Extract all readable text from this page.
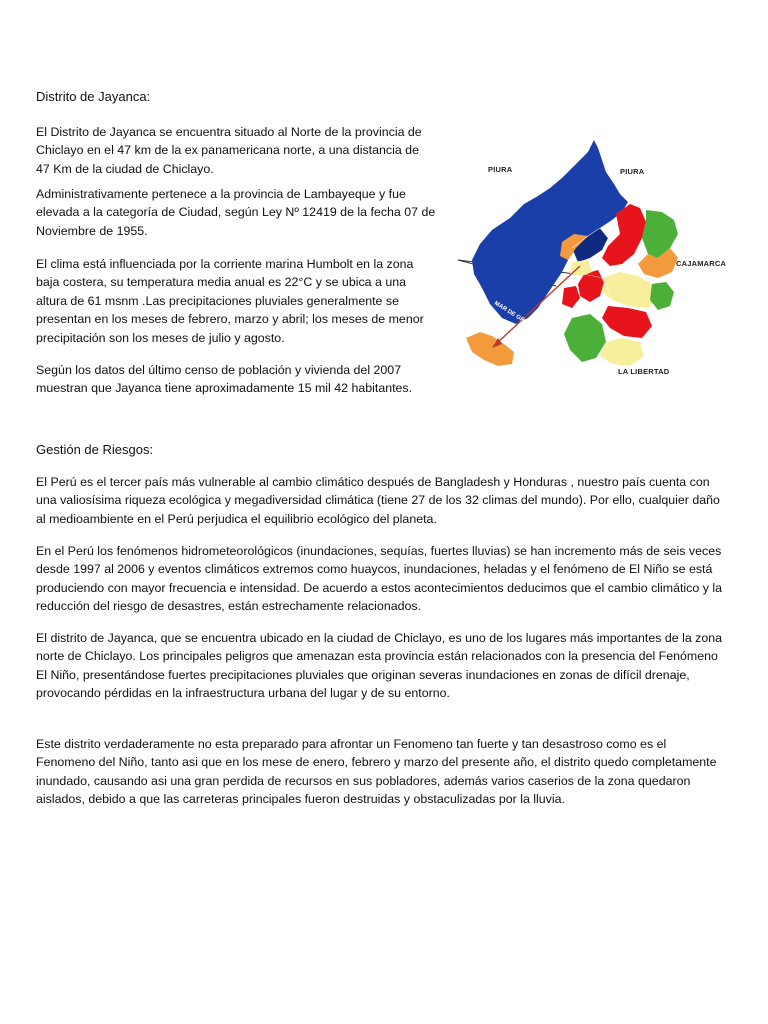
Distrito de Jayanca:

El Distrito de Jayanca se encuentra situado al Norte de la provincia de Chiclayo en el 47 km de la ex panamericana norte, a una distancia de 47 Km de la ciudad de Chiclayo.

Administrativamente pertenece a la provincia de Lambayeque y fue elevada a la categoría de Ciudad, según Ley Nº 12419 de la fecha 07 de Noviembre de 1955.

El clima está influenciada por la corriente marina Humbolt en la zona baja costera, su temperatura media anual es 22°C y se ubica a una altura de 61 msnm .Las precipitaciones pluviales generalmente se presentan en los meses de febrero, marzo y abril; los meses de menor precipitación son los meses de julio y agosto.

Según los datos del último censo de población y vivienda del 2007 muestran que Jayanca tiene aproximadamente 15 mil 42 habitantes.

PIURA	PIURA
CAJAMARCA
LA LIBERTAD
MAR DE GRAU
Gestión de Riesgos:

El Perú es el tercer país más vulnerable al cambio climático después de Bangladesh y Honduras , nuestro país cuenta con una valiosísima riqueza ecológica y megadiversidad climática (tiene 27 de los 32 climas del mundo). Por ello, cualquier daño al medioambiente en el Perú perjudica el equilibrio ecológico del planeta.

En el Perú los fenómenos hidrometeorológicos (inundaciones, sequías, fuertes lluvias) se han incremento más de seis veces desde 1997 al 2006 y eventos climáticos extremos como huaycos, inundaciones, heladas y el fenómeno de El Niño se está produciendo con mayor frecuencia e intensidad. De acuerdo a estos acontecimientos deducimos que el cambio climático y la reducción del riesgo de desastres, están estrechamente relacionados.

El distrito de Jayanca, que se encuentra ubicado en la ciudad de Chiclayo, es uno de los lugares más importantes de la zona norte de Chiclayo. Los principales peligros que amenazan esta provincia están relacionados con la presencia del Fenómeno El Niño, presentándose fuertes precipitaciones pluviales que originan severas inundaciones en zonas de difícil drenaje, provocando pérdidas en la infraestructura urbana del lugar y de su entorno.

Este distrito verdaderamente no esta preparado para afrontar un Fenomeno tan fuerte y tan desastroso como es el Fenomeno del Niño, tanto asi que en los mese de enero, febrero y marzo del presente año, el distrito quedo completamente inundado, causando asi una gran perdida de recursos en sus pobladores, además varios caserios de la zona quedaron aislados, debido a que las carreteras principales fueron destruidas y obstaculizadas por la lluvia.
